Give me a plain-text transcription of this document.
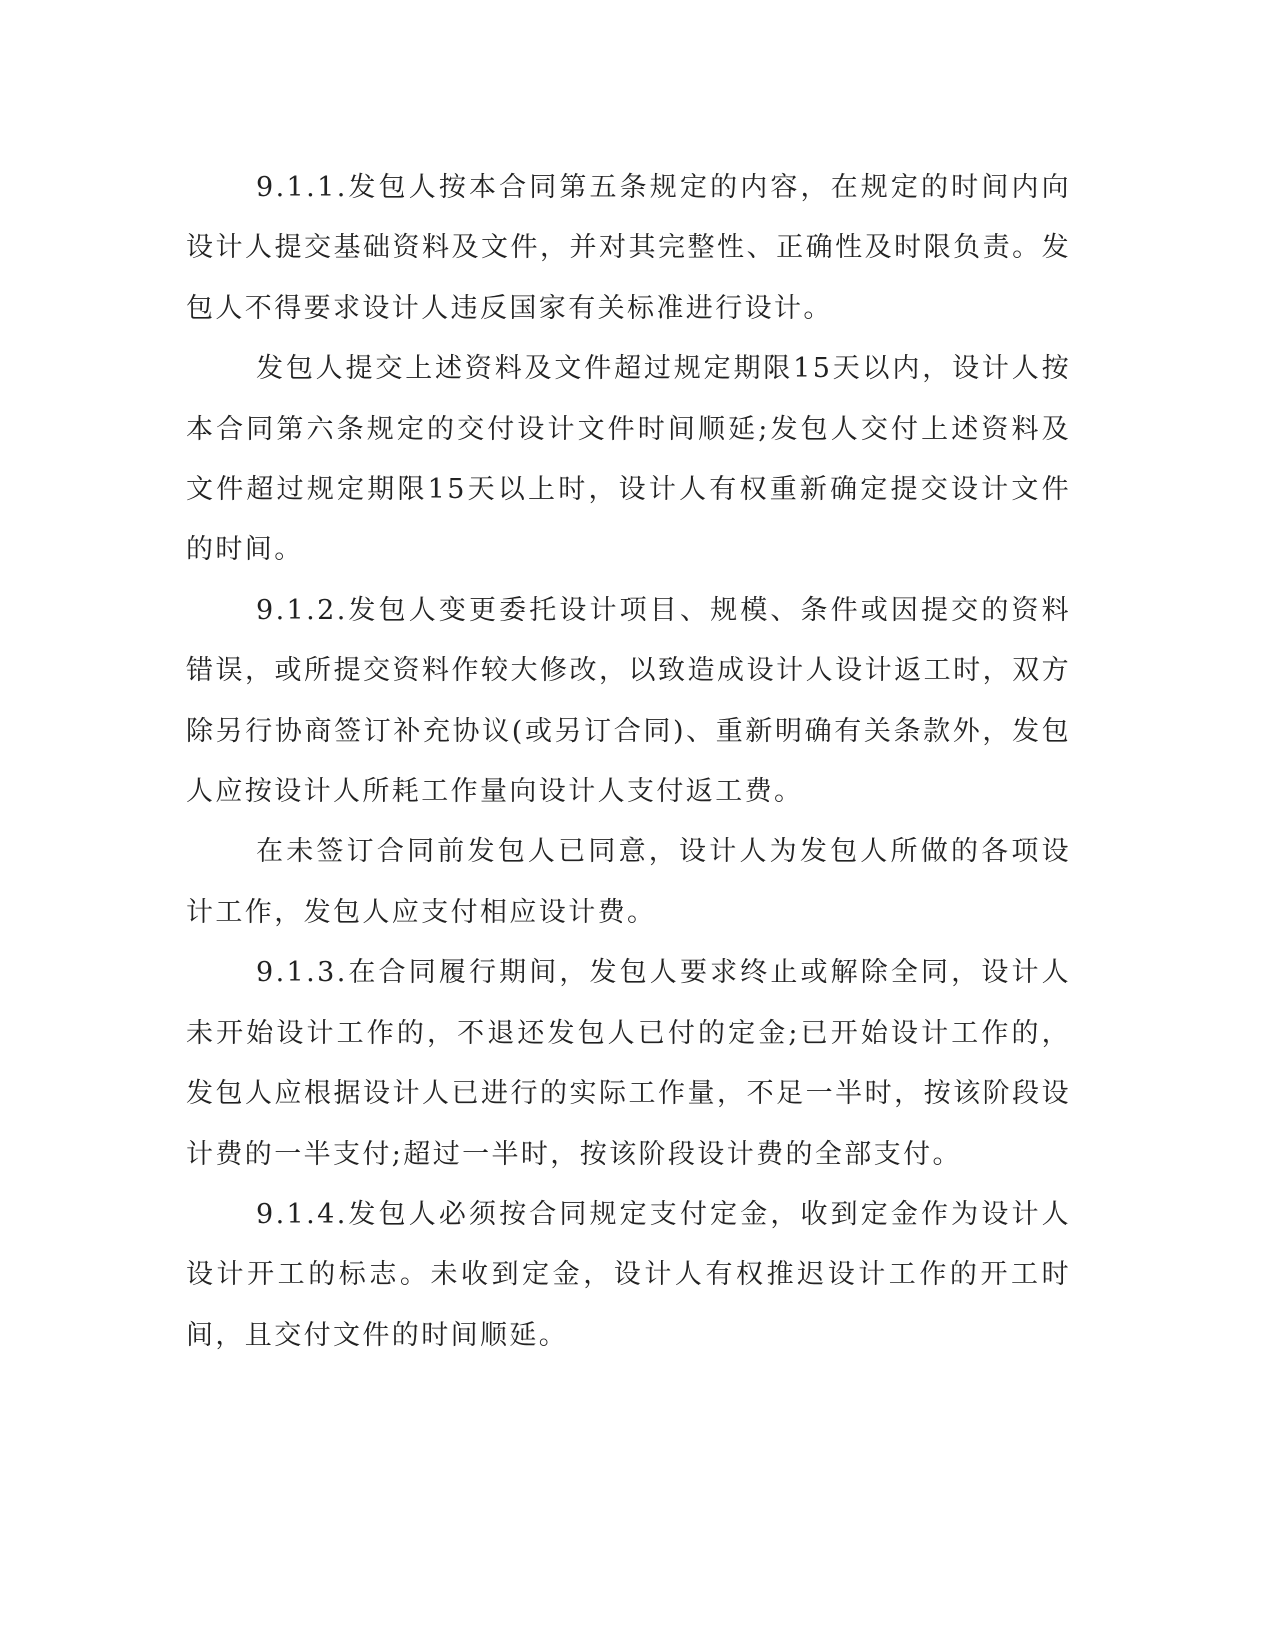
9.1.1.发包人按本合同第五条规定的内容，在规定的时间内向设计人提交基础资料及文件，并对其完整性、正确性及时限负责。发包人不得要求设计人违反国家有关标准进行设计。

发包人提交上述资料及文件超过规定期限15天以内，设计人按本合同第六条规定的交付设计文件时间顺延;发包人交付上述资料及文件超过规定期限15天以上时，设计人有权重新确定提交设计文件的时间。

9.1.2.发包人变更委托设计项目、规模、条件或因提交的资料错误，或所提交资料作较大修改，以致造成设计人设计返工时，双方除另行协商签订补充协议(或另订合同)、重新明确有关条款外，发包人应按设计人所耗工作量向设计人支付返工费。

在未签订合同前发包人已同意，设计人为发包人所做的各项设计工作，发包人应支付相应设计费。

9.1.3.在合同履行期间，发包人要求终止或解除全同，设计人未开始设计工作的，不退还发包人已付的定金;已开始设计工作的，发包人应根据设计人已进行的实际工作量，不足一半时，按该阶段设计费的一半支付;超过一半时，按该阶段设计费的全部支付。

9.1.4.发包人必须按合同规定支付定金，收到定金作为设计人设计开工的标志。未收到定金，设计人有权推迟设计工作的开工时间，且交付文件的时间顺延。
